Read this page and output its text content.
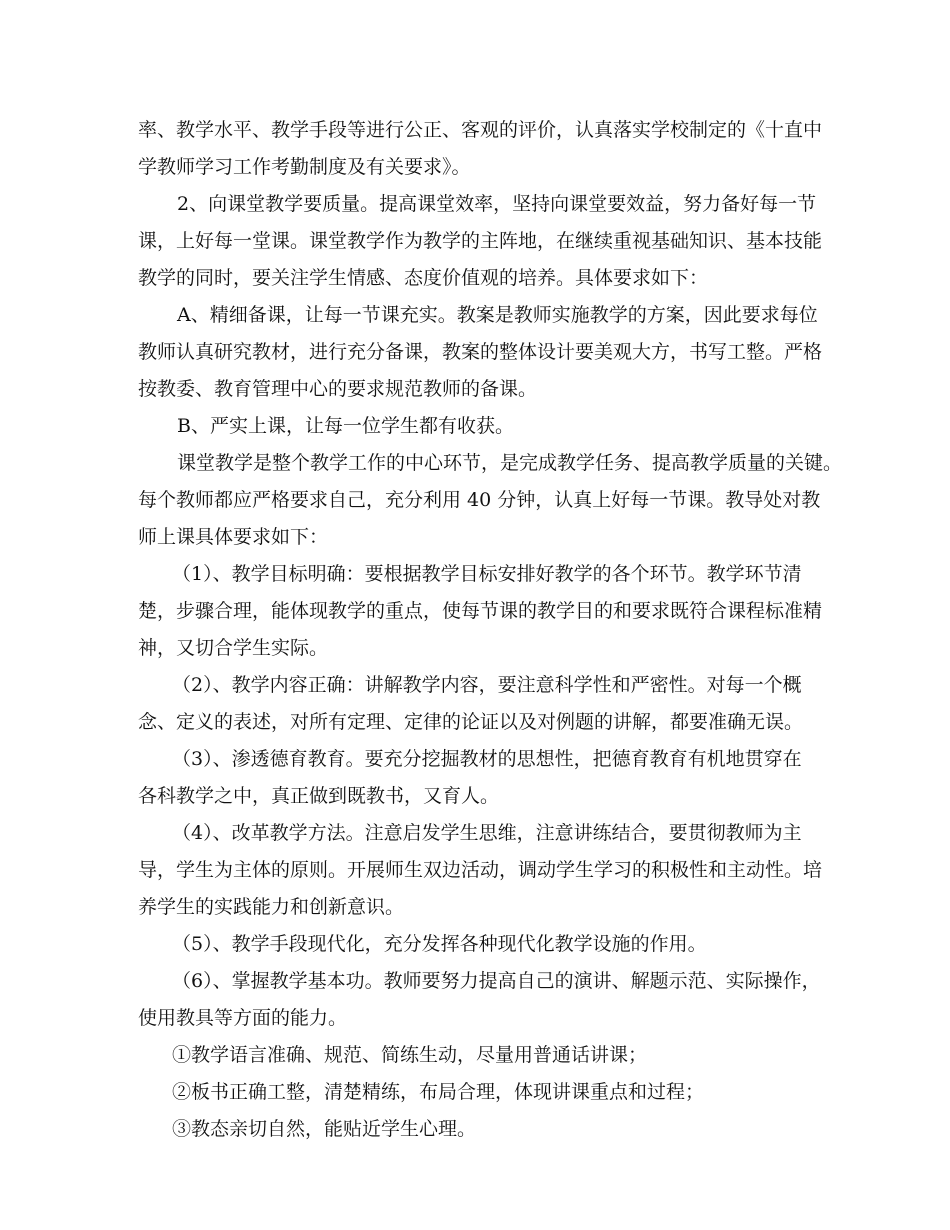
率、教学水平、教学手段等进行公正、客观的评价，认真落实学校制定的《十直中

学教师学习工作考勤制度及有关要求》。

2、向课堂教学要质量。提高课堂效率，坚持向课堂要效益，努力备好每一节

课，上好每一堂课。课堂教学作为教学的主阵地，在继续重视基础知识、基本技能

教学的同时，要关注学生情感、态度价值观的培养。具体要求如下：

A、精细备课，让每一节课充实。教案是教师实施教学的方案，因此要求每位

教师认真研究教材，进行充分备课，教案的整体设计要美观大方，书写工整。严格

按教委、教育管理中心的要求规范教师的备课。

B、严实上课，让每一位学生都有收获。

课堂教学是整个教学工作的中心环节，是完成教学任务、提高教学质量的关键。

每个教师都应严格要求自己，充分利用 40 分钟，认真上好每一节课。教导处对教

师上课具体要求如下：

（1）、教学目标明确：要根据教学目标安排好教学的各个环节。教学环节清

楚，步骤合理，能体现教学的重点，使每节课的教学目的和要求既符合课程标准精

神，又切合学生实际。

（2）、教学内容正确：讲解教学内容，要注意科学性和严密性。对每一个概

念、定义的表述，对所有定理、定律的论证以及对例题的讲解，都要准确无误。

（3）、渗透德育教育。要充分挖掘教材的思想性，把德育教育有机地贯穿在

各科教学之中，真正做到既教书，又育人。

（4）、改革教学方法。注意启发学生思维，注意讲练结合，要贯彻教师为主

导，学生为主体的原则。开展师生双边活动，调动学生学习的积极性和主动性。培

养学生的实践能力和创新意识。

（5）、教学手段现代化，充分发挥各种现代化教学设施的作用。

（6）、掌握教学基本功。教师要努力提高自己的演讲、解题示范、实际操作，

使用教具等方面的能力。

①教学语言准确、规范、简练生动，尽量用普通话讲课；

②板书正确工整，清楚精练，布局合理，体现讲课重点和过程；

③教态亲切自然，能贴近学生心理。
